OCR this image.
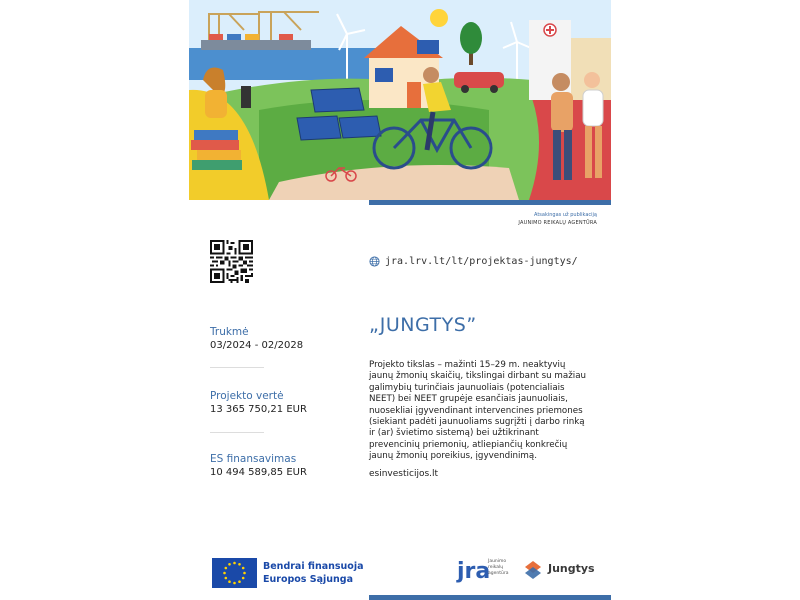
Atsakingas už publikaciją
JAUNIMO REIKALŲ AGENTŪRA
jra.lrv.lt/lt/projektas-jungtys/
Trukmė
03/2024 - 02/2028
Projekto vertė
13 365 750,21 EUR
ES finansavimas
10 494 589,85 EUR
„JUNGTYS”
Projekto tikslas – mažinti 15–29 m. neaktyvių jaunų žmonių skaičių, tikslingai dirbant su mažiau galimybių turinčiais jaunuoliais (potencialiais NEET) bei NEET grupėje esančiais jaunuoliais, nuosekliai įgyvendinant intervencines priemones (siekiant padėti jaunuoliams sugrįžti į darbo rinką ir (ar) švietimo sistemą) bei užtikrinant prevencinių priemonių, atliepiančių konkrečių jaunų žmonių poreikius, įgyvendinimą.
esinvesticijos.lt
Bendrai finansuoja
Europos Sąjunga	jra
Jaunimo reikalų agentūra	Jungtys
